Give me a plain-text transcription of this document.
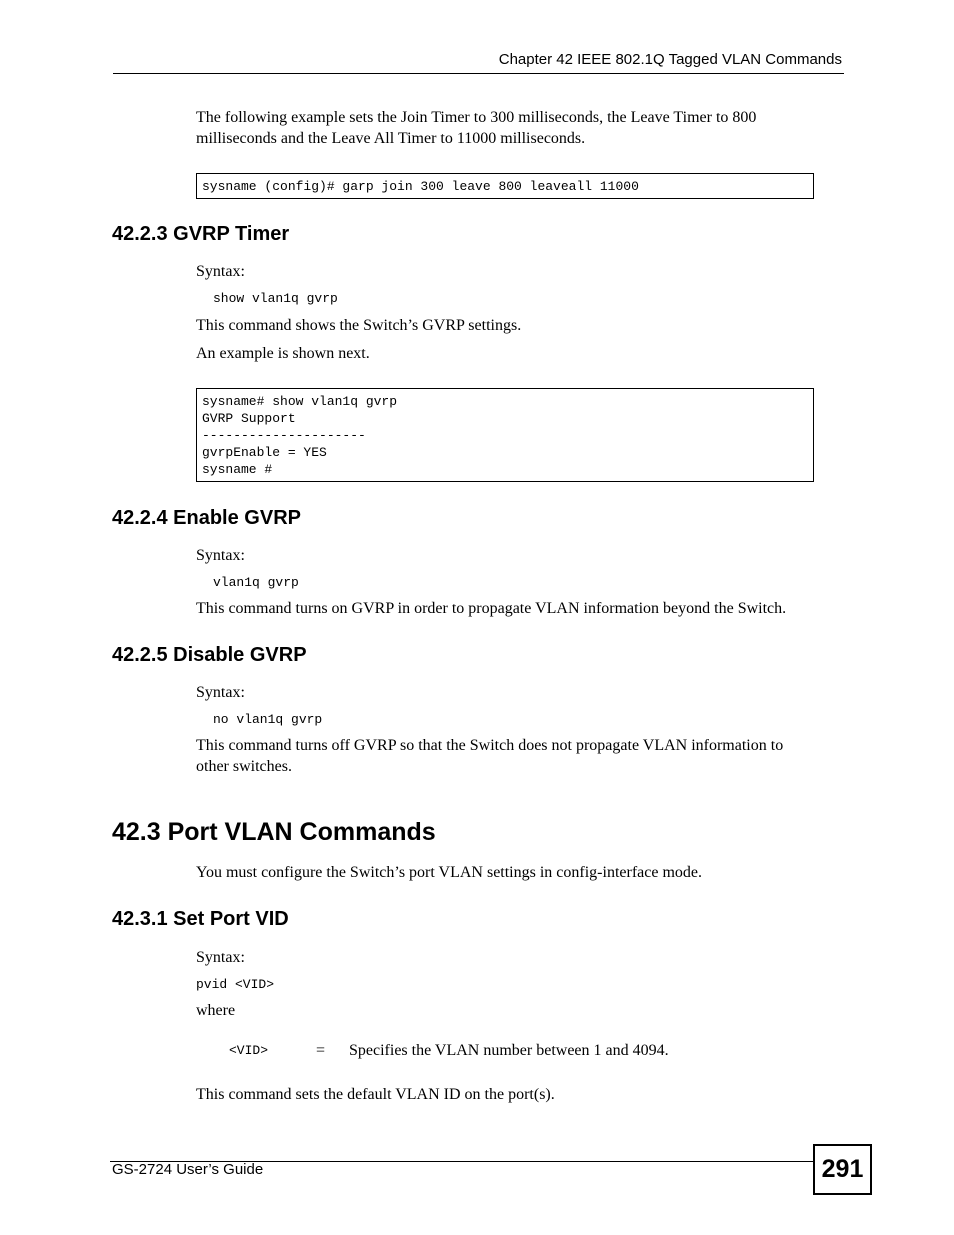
Chapter 42 IEEE 802.1Q Tagged VLAN Commands
The following example sets the Join Timer to 300 milliseconds, the Leave Timer to 800
milliseconds and the Leave All Timer to 11000 milliseconds.
sysname (config)# garp join 300 leave 800 leaveall 11000
42.2.3 GVRP Timer
Syntax:
show vlan1q gvrp
This command shows the Switch’s GVRP settings.
An example is shown next.
sysname# show vlan1q gvrp
GVRP Support
---------------------
gvrpEnable = YES
sysname #
42.2.4 Enable GVRP
Syntax:
vlan1q gvrp
This command turns on GVRP in order to propagate VLAN information beyond the Switch.
42.2.5 Disable GVRP
Syntax:
no vlan1q gvrp
This command turns off GVRP so that the Switch does not propagate VLAN information to
other switches.
42.3 Port VLAN Commands
You must configure the Switch’s port VLAN settings in config-interface mode.
42.3.1 Set Port VID
Syntax:
pvid <VID>
where
<VID>	= Specifies the VLAN number between 1 and 4094.
This command sets the default VLAN ID on the port(s).
GS-2724 User’s Guide	291
